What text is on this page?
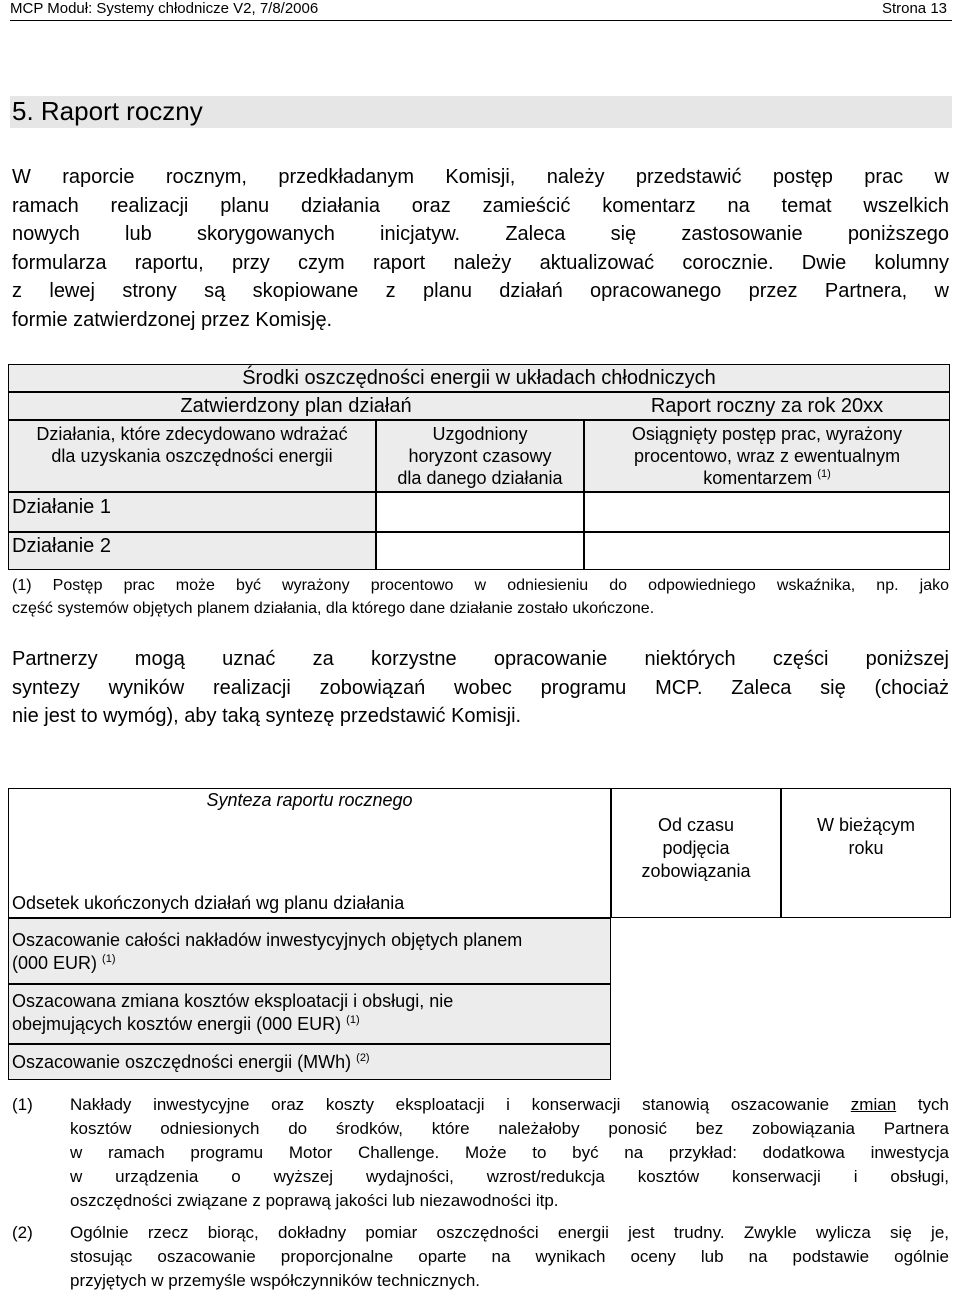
MCP Moduł: Systemy chłodnicze V2, 7/8/2006	Strona 13
5. Raport roczny
W raporcie rocznym, przedkładanym Komisji, należy przedstawić postęp prac w
ramach realizacji planu działania oraz zamieścić komentarz na temat wszelkich
nowych lub skorygowanych inicjatyw. Zaleca się zastosowanie poniższego
formularza raportu, przy czym raport należy aktualizować corocznie. Dwie kolumny
z lewej strony są skopiowane z planu działań opracowanego przez Partnera, w
formie zatwierdzonej przez Komisję.
Środki oszczędności energii w układach chłodniczych
Zatwierdzony plan działań	Raport roczny za rok 20xx
Działania, które zdecydowano wdrażać
dla uzyskania oszczędności energii
Uzgodniony
horyzont czasowy
dla danego działania
Osiągnięty postęp prac, wyrażony
procentowo, wraz z ewentualnym
komentarzem $^{(1)}$
Działanie 1
Działanie 2
(1) Postęp prac może być wyrażony procentowo w odniesieniu do odpowiedniego wskaźnika, np. jako
część systemów objętych planem działania, dla którego dane działanie zostało ukończone.
Partnerzy mogą uznać za korzystne opracowanie niektórych części poniższej
syntezy wyników realizacji zobowiązań wobec programu MCP. Zaleca się (chociaż
nie jest to wymóg), aby taką syntezę przedstawić Komisji.
Synteza raportu rocznego
Od czasu
podjęcia
zobowiązania
W bieżącym
roku
Odsetek ukończonych działań wg planu działania
Oszacowanie całości nakładów inwestycyjnych objętych planem
(000 EUR) $^{(1)}$
Oszacowana zmiana kosztów eksploatacji i obsługi, nie
obejmujących kosztów energii (000 EUR) $^{(1)}$
Oszacowanie oszczędności energii (MWh) $^{(2)}$
(1) Nakłady inwestycyjne oraz koszty eksploatacji i konserwacji stanowią oszacowanie zmian tych
kosztów odniesionych do środków, które należałoby ponosić bez zobowiązania Partnera
w ramach programu Motor Challenge. Może to być na przykład: dodatkowa inwestycja
w urządzenia o wyższej wydajności, wzrost/redukcja kosztów konserwacji i obsługi,
oszczędności związane z poprawą jakości lub niezawodności itp.
(2) Ogólnie rzecz biorąc, dokładny pomiar oszczędności energii jest trudny. Zwykle wylicza się je,
stosując oszacowanie proporcjonalne oparte na wynikach oceny lub na podstawie ogólnie
przyjętych w przemyśle współczynników technicznych.
